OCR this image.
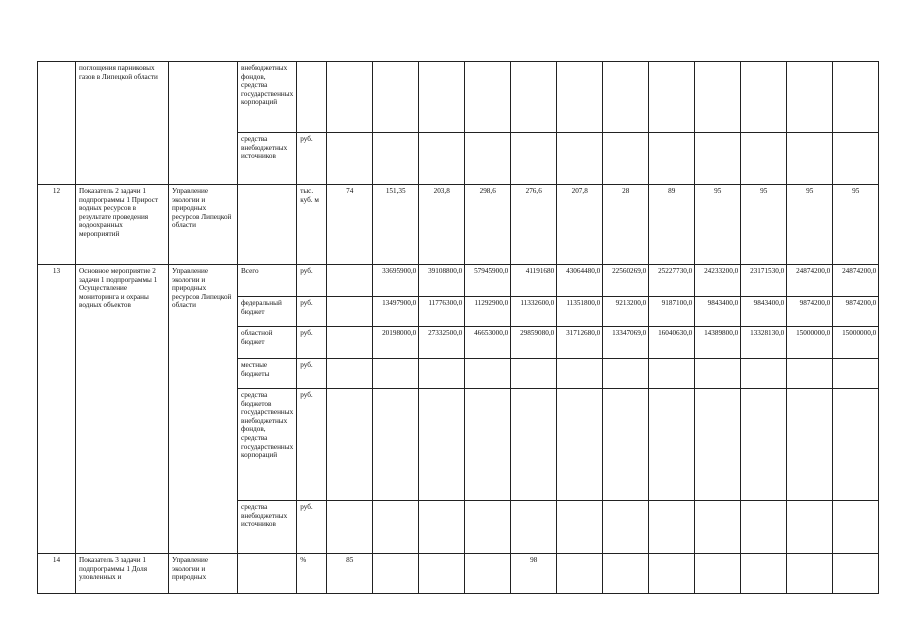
	поглощения парниковых газов в Липецкой области		внебюджетных фондов, средства государственных корпораций													
			средства внебюджетных источников	руб.												
12	Показатель 2 задачи 1 подпрограммы 1 Прирост водных ресурсов в результате проведения водоохранных мероприятий	Управление экологии и природных ресурсов Липецкой области		тыс. куб. м	74	151,35	203,8	298,6	276,6	207,8	28	89	95	95	95	95
13	Основное мероприятие 2 задачи 1 подпрограммы 1 Осуществление мониторинга и охраны водных объектов	Управление экологии и природных ресурсов Липецкой области	Всего	руб.		33695900,0	39108800,0	57945900,0	41191680	43064480,0	22560269,0	25227730,0	24233200,0	23171530,0	24874200,0	24874200,0
			федеральный бюджет	руб.		13497900,0	11776300,0	11292900,0	11332600,0	11351800,0	9213200,0	9187100,0	9843400,0	9843400,0	9874200,0	9874200,0
			областной бюджет	руб.		20198000,0	27332500,0	46653000,0	29859080,0	31712680,0	13347069,0	16040630,0	14389800,0	13328130,0	15000000,0	15000000,0
			местные бюджеты	руб.												
			средства бюджетов государственных внебюджетных фондов, средства государственных корпораций	руб.												
			средства внебюджетных источников	руб.												
14	Показатель 3 задачи 1 подпрограммы 1 Доля уловленных и	Управление экологии и природных		%	85				98							
